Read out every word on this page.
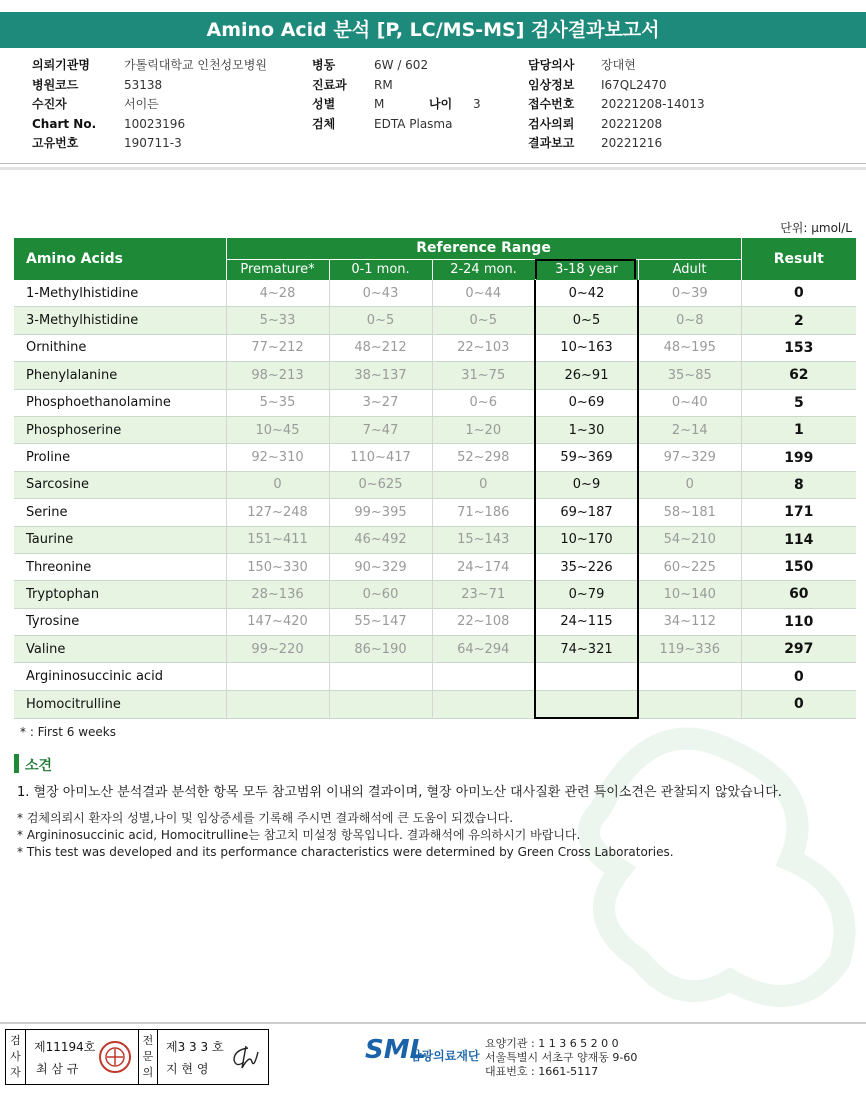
Amino Acid 분석 [P, LC/MS-MS] 검사결과보고서
의뢰기관명	가톨릭대학교 인천성모병원
병원코드	53138
수진자	서이든
Chart No. 10023196
고유번호	190711-3
병동	6W / 602
진료과 RM
성별	M	나이 3
검체	EDTA Plasma
담당의사 장대현
임상정보 I67QL2470
접수번호 20221208-14013
검사의뢰 20221208
결과보고 20221216
단위: μmol/L
Amino Acids	Reference Range					Result
	Premature*	0-1 mon.	2-24 mon.	3-18 year	Adult	
1-Methylhistidine	4~28	0~43	0~44	0~42	0~39	0
3-Methylhistidine	5~33	0~5	0~5	0~5	0~8	2
Ornithine	77~212	48~212	22~103	10~163	48~195	153
Phenylalanine	98~213	38~137	31~75	26~91	35~85	62
Phosphoethanolamine	5~35	3~27	0~6	0~69	0~40	5
Phosphoserine	10~45	7~47	1~20	1~30	2~14	1
Proline	92~310	110~417	52~298	59~369	97~329	199
Sarcosine	0	0~625	0	0~9	0	8
Serine	127~248	99~395	71~186	69~187	58~181	171
Taurine	151~411	46~492	15~143	10~170	54~210	114
Threonine	150~330	90~329	24~174	35~226	60~225	150
Tryptophan	28~136	0~60	23~71	0~79	10~140	60
Tyrosine	147~420	55~147	22~108	24~115	34~112	110
Valine	99~220	86~190	64~294	74~321	119~336	297
Argininosuccinic acid						0
Homocitrulline						0
* : First 6 weeks
소견
1. 혈장 아미노산 분석결과 분석한 항목 모두 참고범위 이내의 결과이며, 혈장 아미노산 대사질환 관련 특이소견은 관찰되지 않았습니다.
* 검체의뢰시 환자의 성별,나이 및 임상증세를 기록해 주시면 결과해석에 큰 도움이 되겠습니다.
* Argininosuccinic acid, Homocitrulline는 참고치 미설정 항목입니다. 결과해석에 유의하시기 바랍니다.
* This test was developed and its performance characteristics were determined by Green Cross Laboratories.
검
사
자
제11194호
최 삼 규
전
문
의
제3 3 3 호
지 현 영
SML
삼광의료재단
요양기관 : 1 1 3 6 5 2 0 0
서울특별시 서초구 양재동 9-60
대표번호 : 1661-5117
